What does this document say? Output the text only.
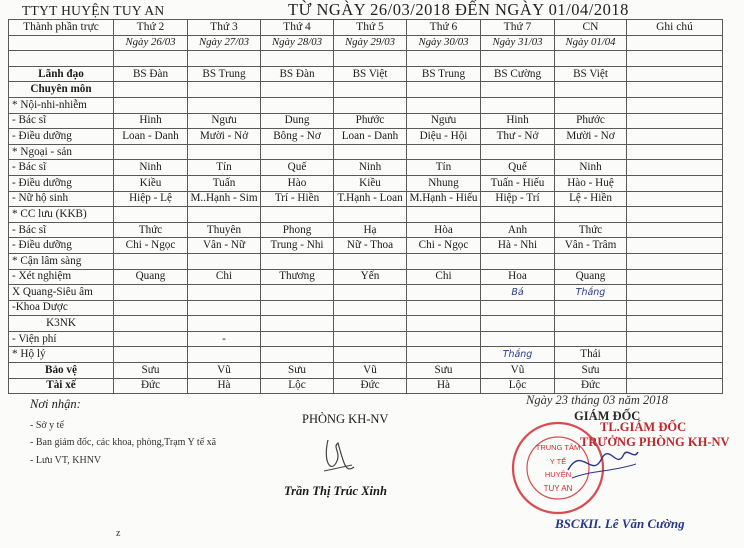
TTYT HUYỆN TUY AN	TỪ NGÀY 26/03/2018 ĐẾN NGÀY 01/04/2018
Thành phần trực	Thứ 2	Thứ 3	Thứ 4	Thứ 5	Thứ 6	Thứ 7	CN	Ghi chú
	Ngày 26/03	Ngày 27/03	Ngày 28/03	Ngày 29/03	Ngày 30/03	Ngày 31/03	Ngày 01/04	

Lãnh đạo	BS Đàn	BS Trung	BS Đàn	BS Việt	BS Trung	BS Cường	BS Việt	
Chuyên môn								
* Nội-nhi-nhiễm								
- Bác sĩ	Hinh	Ngưu	Dung	Phước	Ngưu	Hinh	Phước	
- Điều dưỡng	Loan - Danh	Mười - Nở	Bông - Nơ	Loan - Danh	Diệu - Hội	Thư - Nở	Mười - Nơ	
* Ngoại - sản								
- Bác sĩ	Ninh	Tín	Quế	Ninh	Tín	Quế	Ninh	
- Điều dưỡng	Kiều	Tuấn	Hào	Kiều	Nhung	Tuấn - Hiếu	Hào - Huệ	
- Nữ hộ sinh	Hiệp - Lệ	M..Hạnh - Sim	Trí - Hiền	T.Hạnh - Loan	M.Hạnh - Hiếu	Hiệp - Trí	Lệ - Hiền	
* CC lưu (KKB)								
- Bác sĩ	Thức	Thuyên	Phong	Hạ	Hòa	Anh	Thức	
- Điều dưỡng	Chi - Ngọc	Vân - Nữ	Trung - Nhi	Nữ - Thoa	Chi - Ngọc	Hà - Nhi	Vân - Trâm	
* Cận lâm sàng								
- Xét nghiệm	Quang	Chi	Thương	Yến	Chi	Hoa	Quang	
X Quang-Siêu âm						Bá	Thắng	
-Khoa Dược								
K3NK								
- Viện phí		-						
* Hộ lý						Thắng	Thái	
Bảo vệ	Sưu	Vũ	Sưu	Vũ	Sưu	Vũ	Sưu	
Tài xế	Đức	Hà	Lộc	Đức	Hà	Lộc	Đức	
Nơi nhận:
- Sở y tế
- Ban giám đốc, các khoa, phòng,Trạm Y tế xã
- Lưu VT, KHNV
PHÒNG KH-NV
Trần Thị Trúc Xinh
Ngày 23 tháng 03 năm 2018
GIÁM ĐỐC
TL.GIÁM ĐỐC
TRƯỞNG PHÒNG KH-NV
TRUNG TÂM
Y TẾ
HUYỆN
TUY AN
BSCKII. Lê Văn Cường
z
